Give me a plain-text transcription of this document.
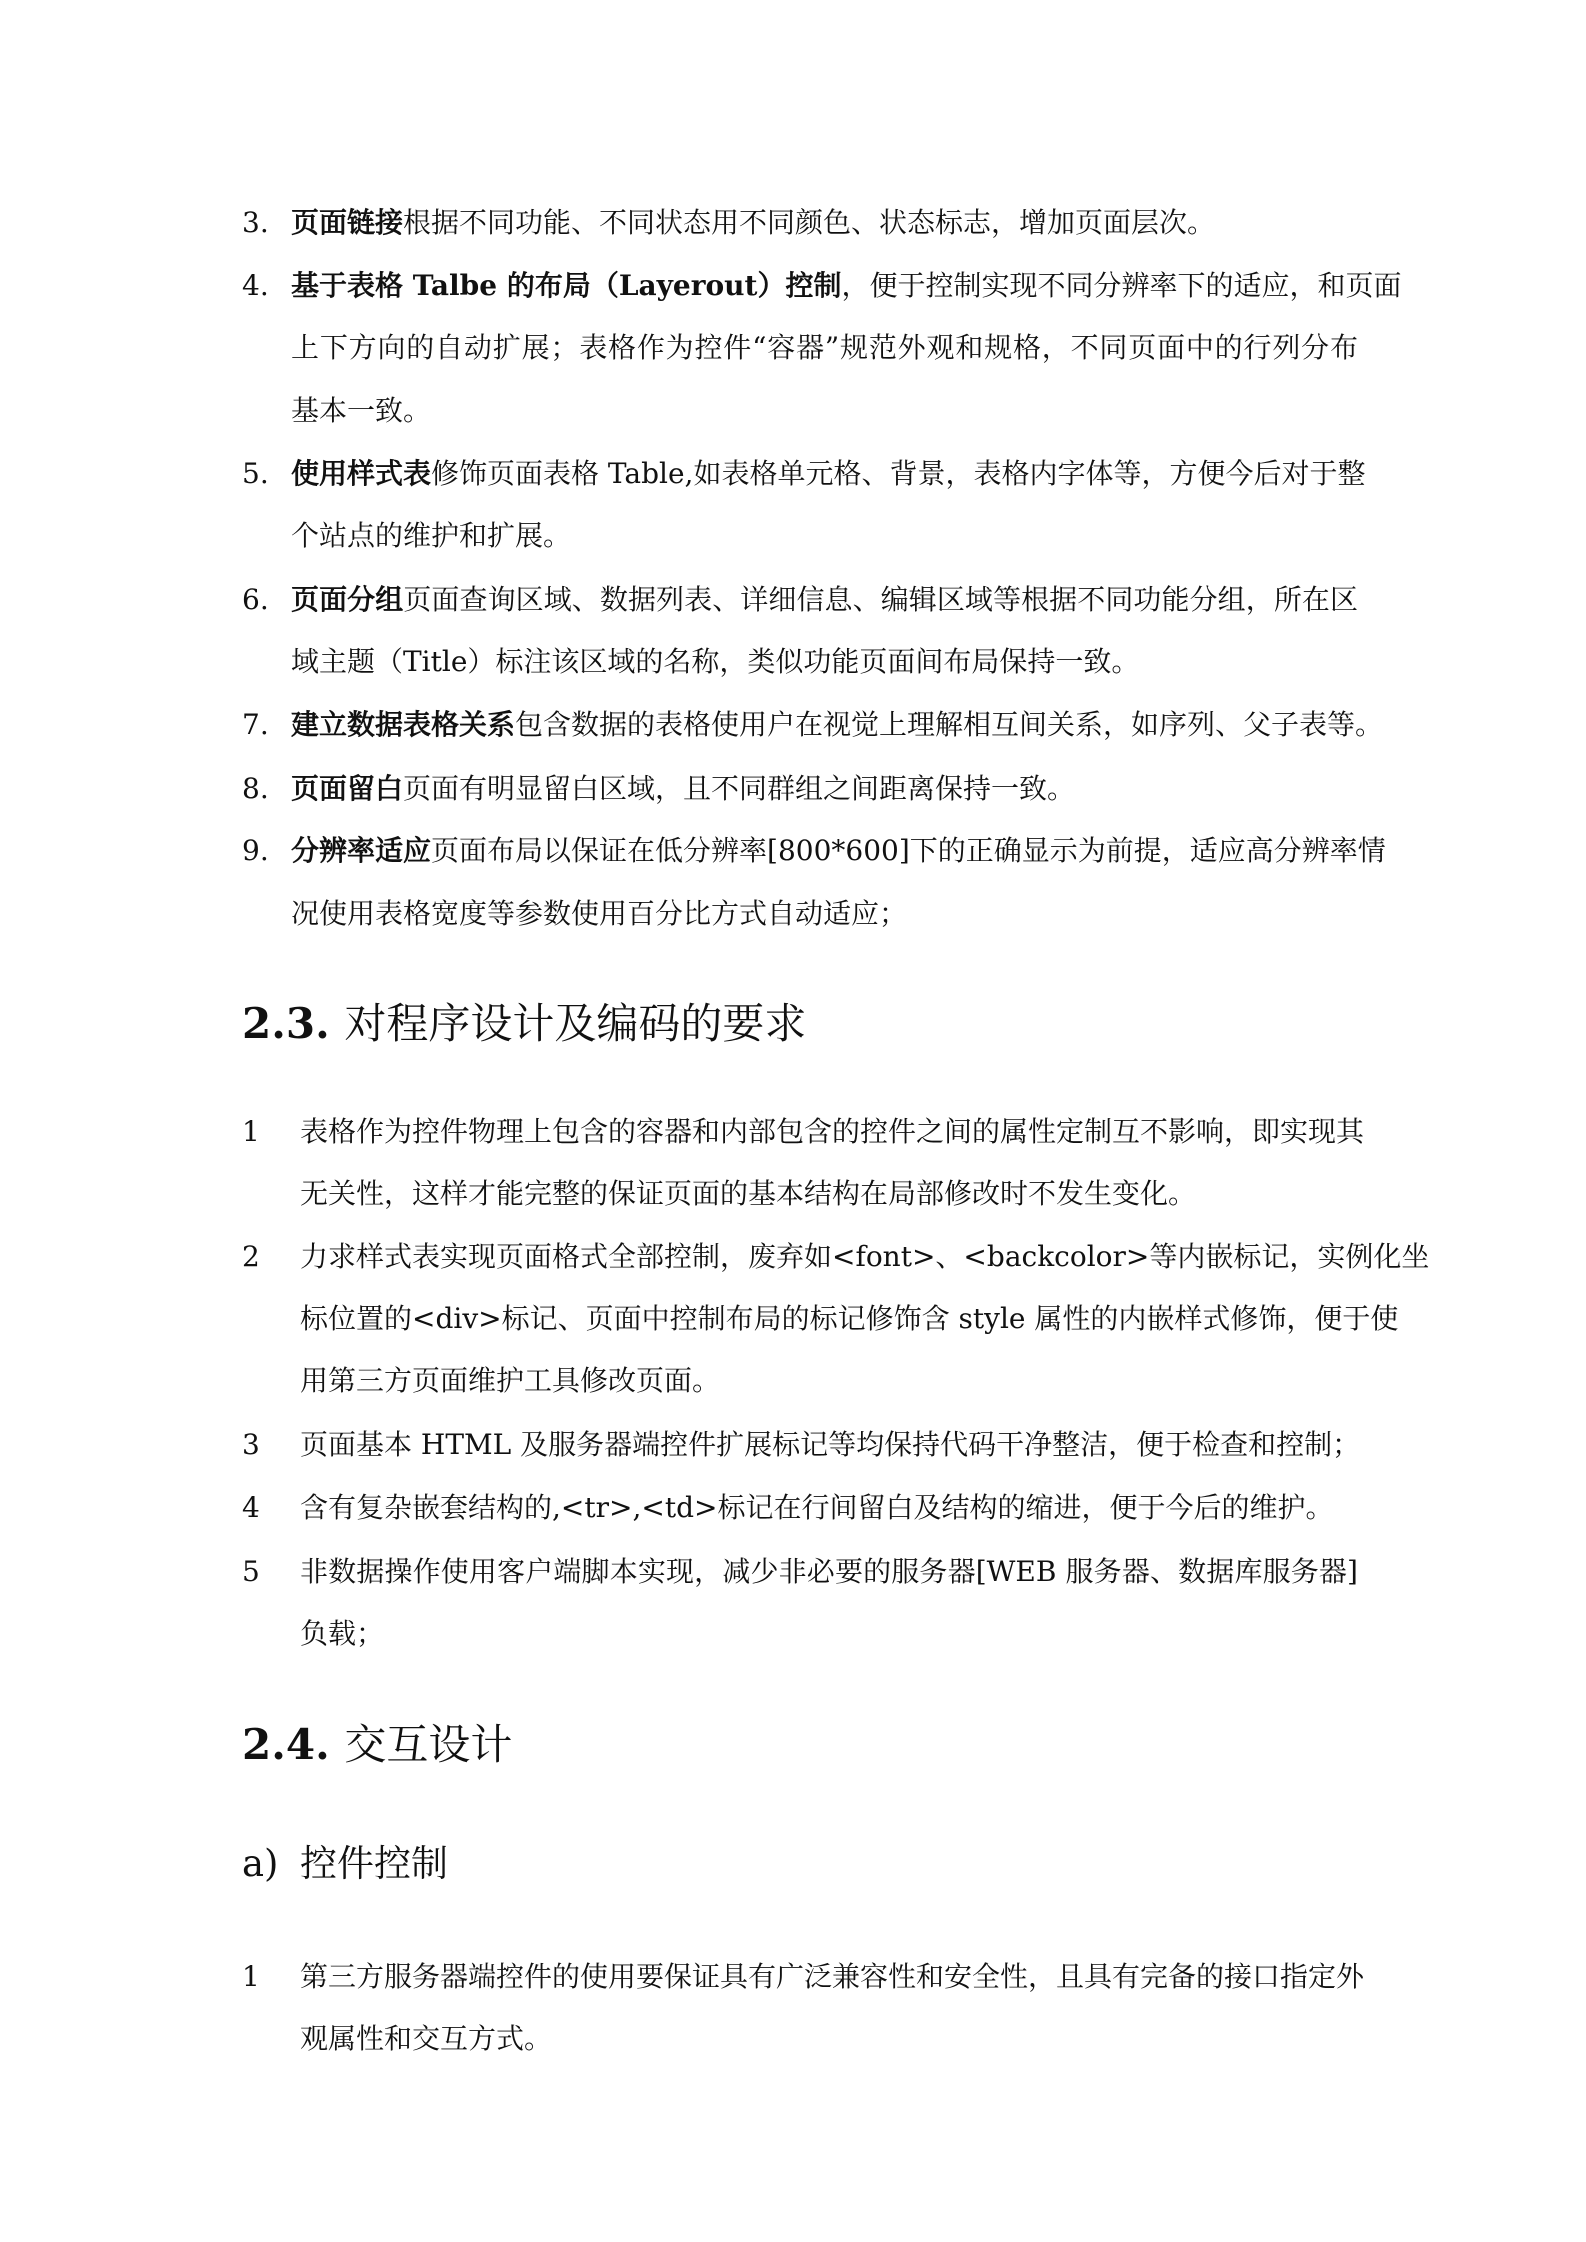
3. 页面链接根据不同功能、不同状态用不同颜色、状态标志，增加页面层次。
4. 基于表格 Talbe 的布局（Layerout）控制，便于控制实现不同分辨率下的适应，和页面
上下方向的自动扩展；表格作为控件“容器”规范外观和规格，不同页面中的行列分布
基本一致。
5. 使用样式表修饰页面表格 Table,如表格单元格、背景，表格内字体等，方便今后对于整
个站点的维护和扩展。
6. 页面分组页面查询区域、数据列表、详细信息、编辑区域等根据不同功能分组，所在区
域主题（Title）标注该区域的名称，类似功能页面间布局保持一致。
7. 建立数据表格关系包含数据的表格使用户在视觉上理解相互间关系，如序列、父子表等。
8. 页面留白页面有明显留白区域，且不同群组之间距离保持一致。
9. 分辨率适应页面布局以保证在低分辨率[800*600]下的正确显示为前提，适应高分辨率情
况使用表格宽度等参数使用百分比方式自动适应；
2.3. 对程序设计及编码的要求
1 表格作为控件物理上包含的容器和内部包含的控件之间的属性定制互不影响，即实现其
无关性，这样才能完整的保证页面的基本结构在局部修改时不发生变化。
2 力求样式表实现页面格式全部控制，废弃如<font>、<backcolor>等内嵌标记，实例化坐
标位置的<div>标记、页面中控制布局的标记修饰含 style 属性的内嵌样式修饰，便于使
用第三方页面维护工具修改页面。
3 页面基本 HTML 及服务器端控件扩展标记等均保持代码干净整洁，便于检查和控制；
4 含有复杂嵌套结构的,<tr>,<td>标记在行间留白及结构的缩进，便于今后的维护。
5 非数据操作使用客户端脚本实现，减少非必要的服务器[WEB 服务器、数据库服务器]
负载；
2.4. 交互设计
a) 控件控制
1 第三方服务器端控件的使用要保证具有广泛兼容性和安全性，且具有完备的接口指定外
观属性和交互方式。
